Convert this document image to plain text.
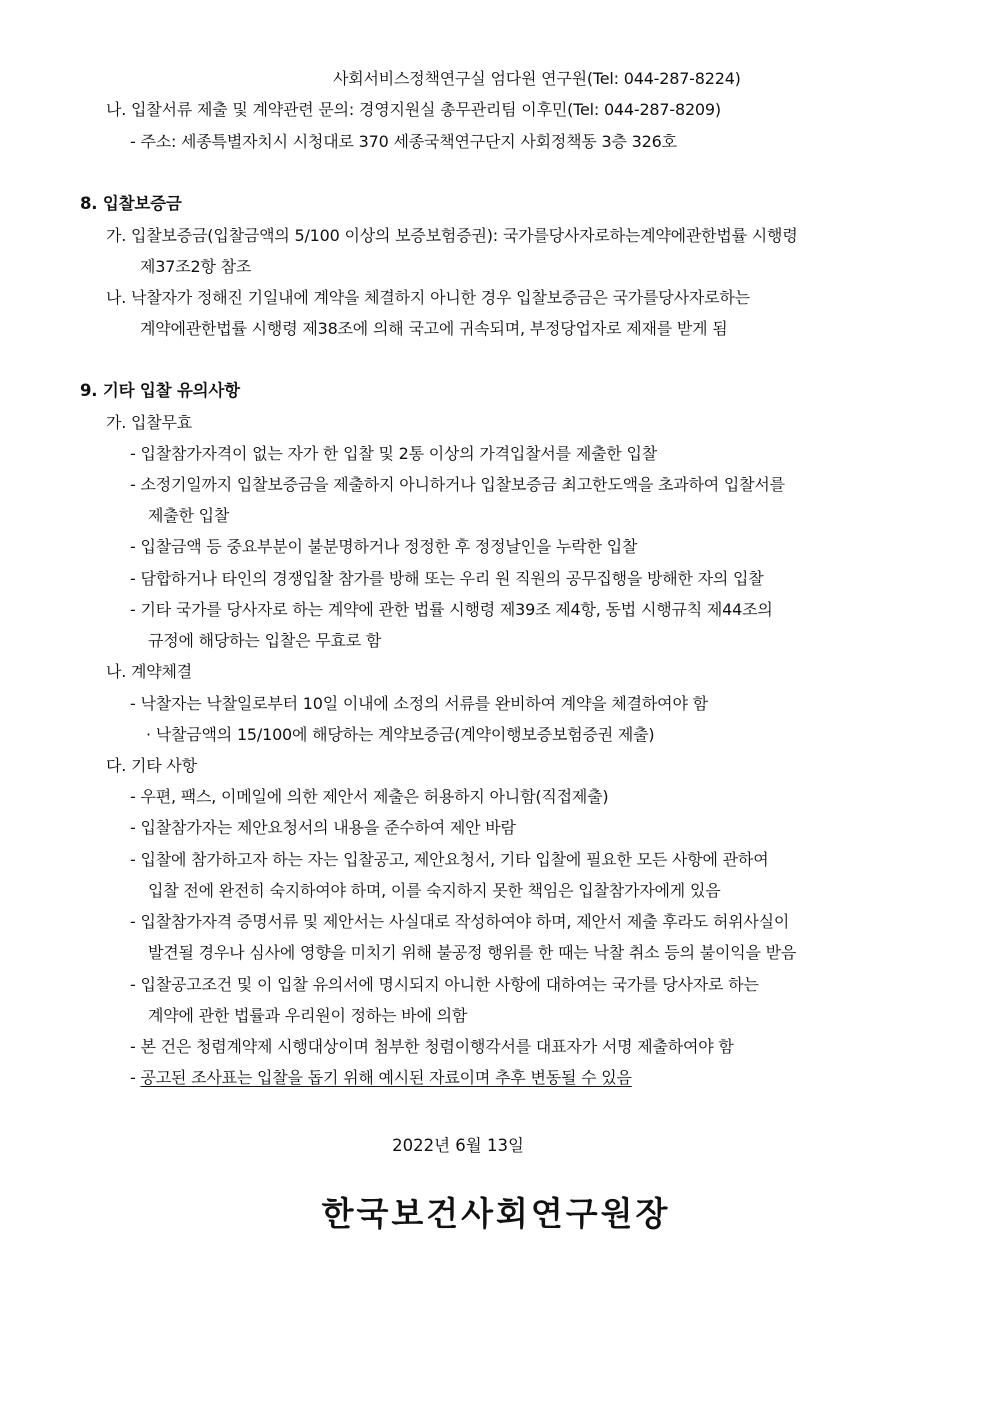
사회서비스정책연구실 엄다원 연구원(Tel: 044-287-8224)
나. 입찰서류 제출 및 계약관련 문의: 경영지원실 총무관리팀 이후민(Tel: 044-287-8209)
- 주소: 세종특별자치시 시청대로 370 세종국책연구단지 사회정책동 3층 326호
8. 입찰보증금
가. 입찰보증금(입찰금액의 5/100 이상의 보증보험증권): 국가를당사자로하는계약에관한법률 시행령
제37조2항 참조
나. 낙찰자가 정해진 기일내에 계약을 체결하지 아니한 경우 입찰보증금은 국가를당사자로하는
계약에관한법률 시행령 제38조에 의해 국고에 귀속되며, 부정당업자로 제재를 받게 됨
9. 기타 입찰 유의사항
가. 입찰무효
- 입찰참가자격이 없는 자가 한 입찰 및 2통 이상의 가격입찰서를 제출한 입찰
- 소정기일까지 입찰보증금을 제출하지 아니하거나 입찰보증금 최고한도액을 초과하여 입찰서를
제출한 입찰
- 입찰금액 등 중요부분이 불분명하거나 정정한 후 정정날인을 누락한 입찰
- 담합하거나 타인의 경쟁입찰 참가를 방해 또는 우리 원 직원의 공무집행을 방해한 자의 입찰
- 기타 국가를 당사자로 하는 계약에 관한 법률 시행령 제39조 제4항, 동법 시행규칙 제44조의
규정에 해당하는 입찰은 무효로 함
나. 계약체결
- 낙찰자는 낙찰일로부터 10일 이내에 소정의 서류를 완비하여 계약을 체결하여야 함
· 낙찰금액의 15/100에 해당하는 계약보증금(계약이행보증보험증권 제출)
다. 기타 사항
- 우편, 팩스, 이메일에 의한 제안서 제출은 허용하지 아니함(직접제출)
- 입찰참가자는 제안요청서의 내용을 준수하여 제안 바람
- 입찰에 참가하고자 하는 자는 입찰공고, 제안요청서, 기타 입찰에 필요한 모든 사항에 관하여
입찰 전에 완전히 숙지하여야 하며, 이를 숙지하지 못한 책임은 입찰참가자에게 있음
- 입찰참가자격 증명서류 및 제안서는 사실대로 작성하여야 하며, 제안서 제출 후라도 허위사실이
발견될 경우나 심사에 영향을 미치기 위해 불공정 행위를 한 때는 낙찰 취소 등의 불이익을 받음
- 입찰공고조건 및 이 입찰 유의서에 명시되지 아니한 사항에 대하여는 국가를 당사자로 하는
계약에 관한 법률과 우리원이 정하는 바에 의함
- 본 건은 청렴계약제 시행대상이며 첨부한 청렴이행각서를 대표자가 서명 제출하여야 함
- 공고된 조사표는 입찰을 돕기 위해 예시된 자료이며 추후 변동될 수 있음
2022년 6월 13일
한국보건사회연구원장
